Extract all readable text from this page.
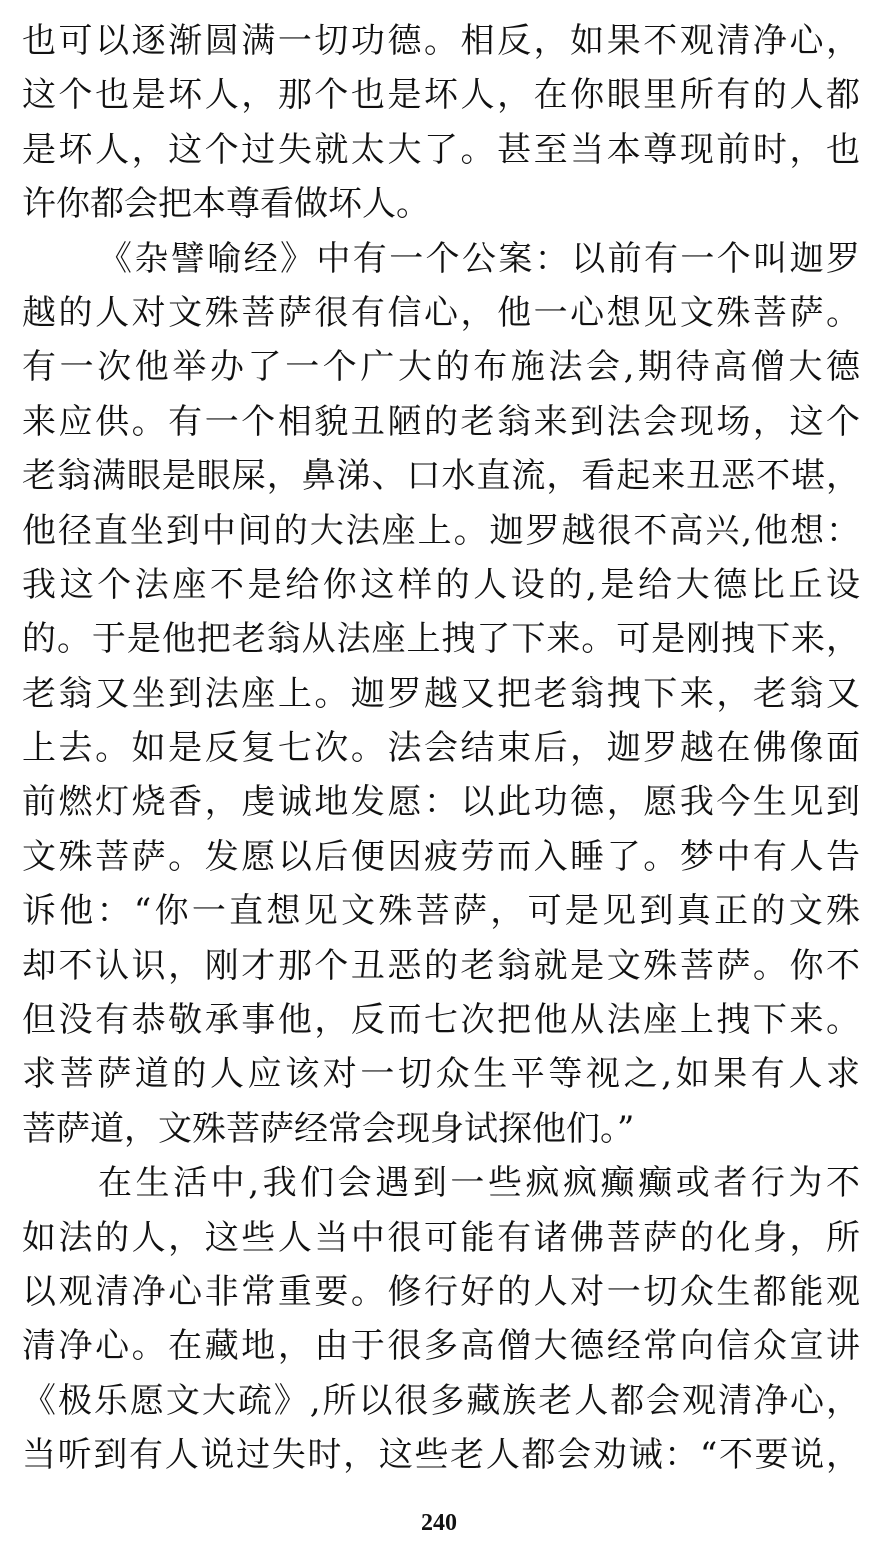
也可以逐渐圆满一切功德。相反，如果不观清净心，
这个也是坏人，那个也是坏人，在你眼里所有的人都
是坏人，这个过失就太大了。甚至当本尊现前时，也
许你都会把本尊看做坏人。
《杂譬喻经》中有一个公案：以前有一个叫迦罗
越的人对文殊菩萨很有信心，他一心想见文殊菩萨。
有一次他举办了一个广大的布施法会,期待高僧大德
来应供。有一个相貌丑陋的老翁来到法会现场，这个
老翁满眼是眼屎，鼻涕、口水直流，看起来丑恶不堪，
他径直坐到中间的大法座上。迦罗越很不高兴,他想：
我这个法座不是给你这样的人设的,是给大德比丘设
的。于是他把老翁从法座上拽了下来。可是刚拽下来，
老翁又坐到法座上。迦罗越又把老翁拽下来，老翁又
上去。如是反复七次。法会结束后，迦罗越在佛像面
前燃灯烧香，虔诚地发愿：以此功德，愿我今生见到
文殊菩萨。发愿以后便因疲劳而入睡了。梦中有人告
诉他：“你一直想见文殊菩萨，可是见到真正的文殊
却不认识，刚才那个丑恶的老翁就是文殊菩萨。你不
但没有恭敬承事他，反而七次把他从法座上拽下来。
求菩萨道的人应该对一切众生平等视之,如果有人求
菩萨道，文殊菩萨经常会现身试探他们。”
在生活中,我们会遇到一些疯疯癫癫或者行为不
如法的人，这些人当中很可能有诸佛菩萨的化身，所
以观清净心非常重要。修行好的人对一切众生都能观
清净心。在藏地，由于很多高僧大德经常向信众宣讲
《极乐愿文大疏》,所以很多藏族老人都会观清净心，
当听到有人说过失时，这些老人都会劝诫：“不要说，
240
